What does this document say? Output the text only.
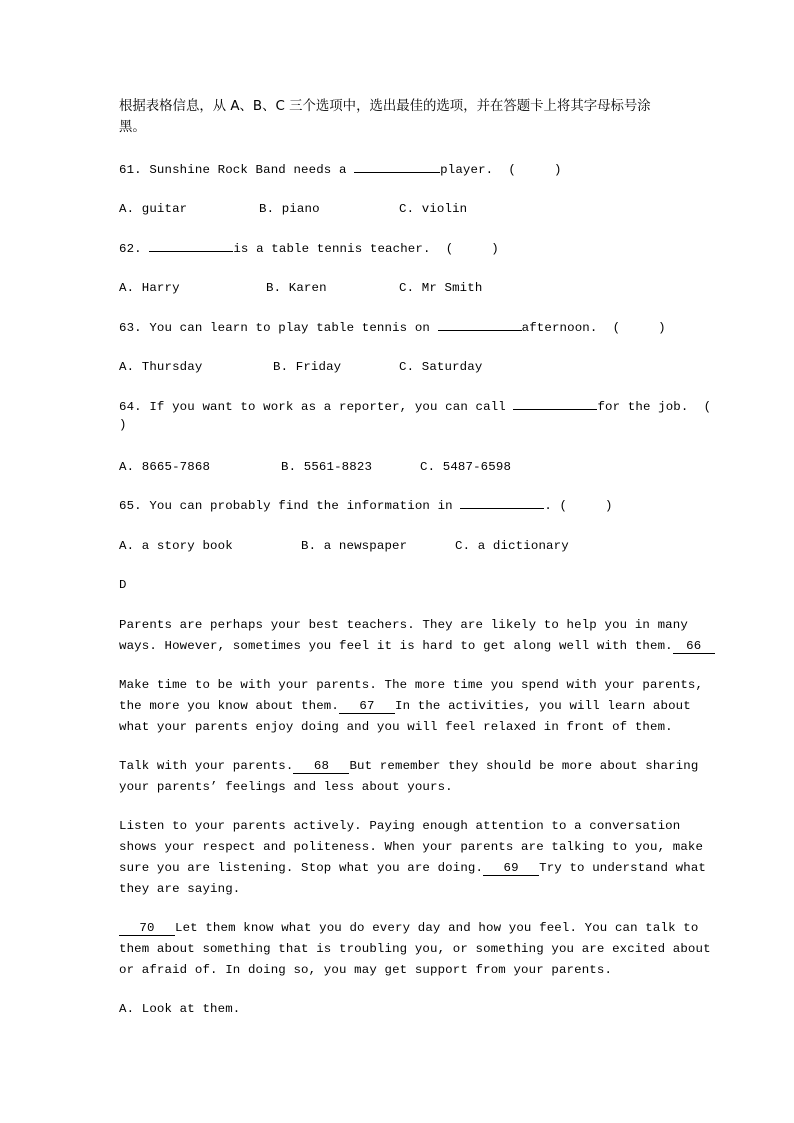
根据表格信息，从 A、B、C 三个选项中，选出最佳的选项，并在答题卡上将其字母标号涂
黑。
61. Sunshine Rock Band needs a	player.  (     )
A. guitar	B. piano	C. violin
62.	is a table tennis teacher.  (     )
A. Harry	B. Karen	C. Mr Smith
63. You can learn to play table tennis on	afternoon.  (     )
A. Thursday	B. Friday	C. Saturday
64. If you want to work as a reporter, you can call	for the job.  (
)
A. 8665-7868	B. 5561-8823	C. 5487-6598
65. You can probably find the information in	. (     )
A. a story book	B. a newspaper	C. a dictionary
D
Parents are perhaps your best teachers. They are likely to help you in many
ways. However, sometimes you feel it is hard to get along well with them. 66
Make time to be with your parents. The more time you spend with your parents,
the more you know about them. 67 In the activities, you will learn about
what your parents enjoy doing and you will feel relaxed in front of them.
Talk with your parents. 68 But remember they should be more about sharing
your parents’ feelings and less about yours.
Listen to your parents actively. Paying enough attention to a conversation
shows your respect and politeness. When your parents are talking to you, make
sure you are listening. Stop what you are doing. 69 Try to understand what
they are saying.
70 Let them know what you do every day and how you feel. You can talk to
them about something that is troubling you, or something you are excited about
or afraid of. In doing so, you may get support from your parents.
A. Look at them.
